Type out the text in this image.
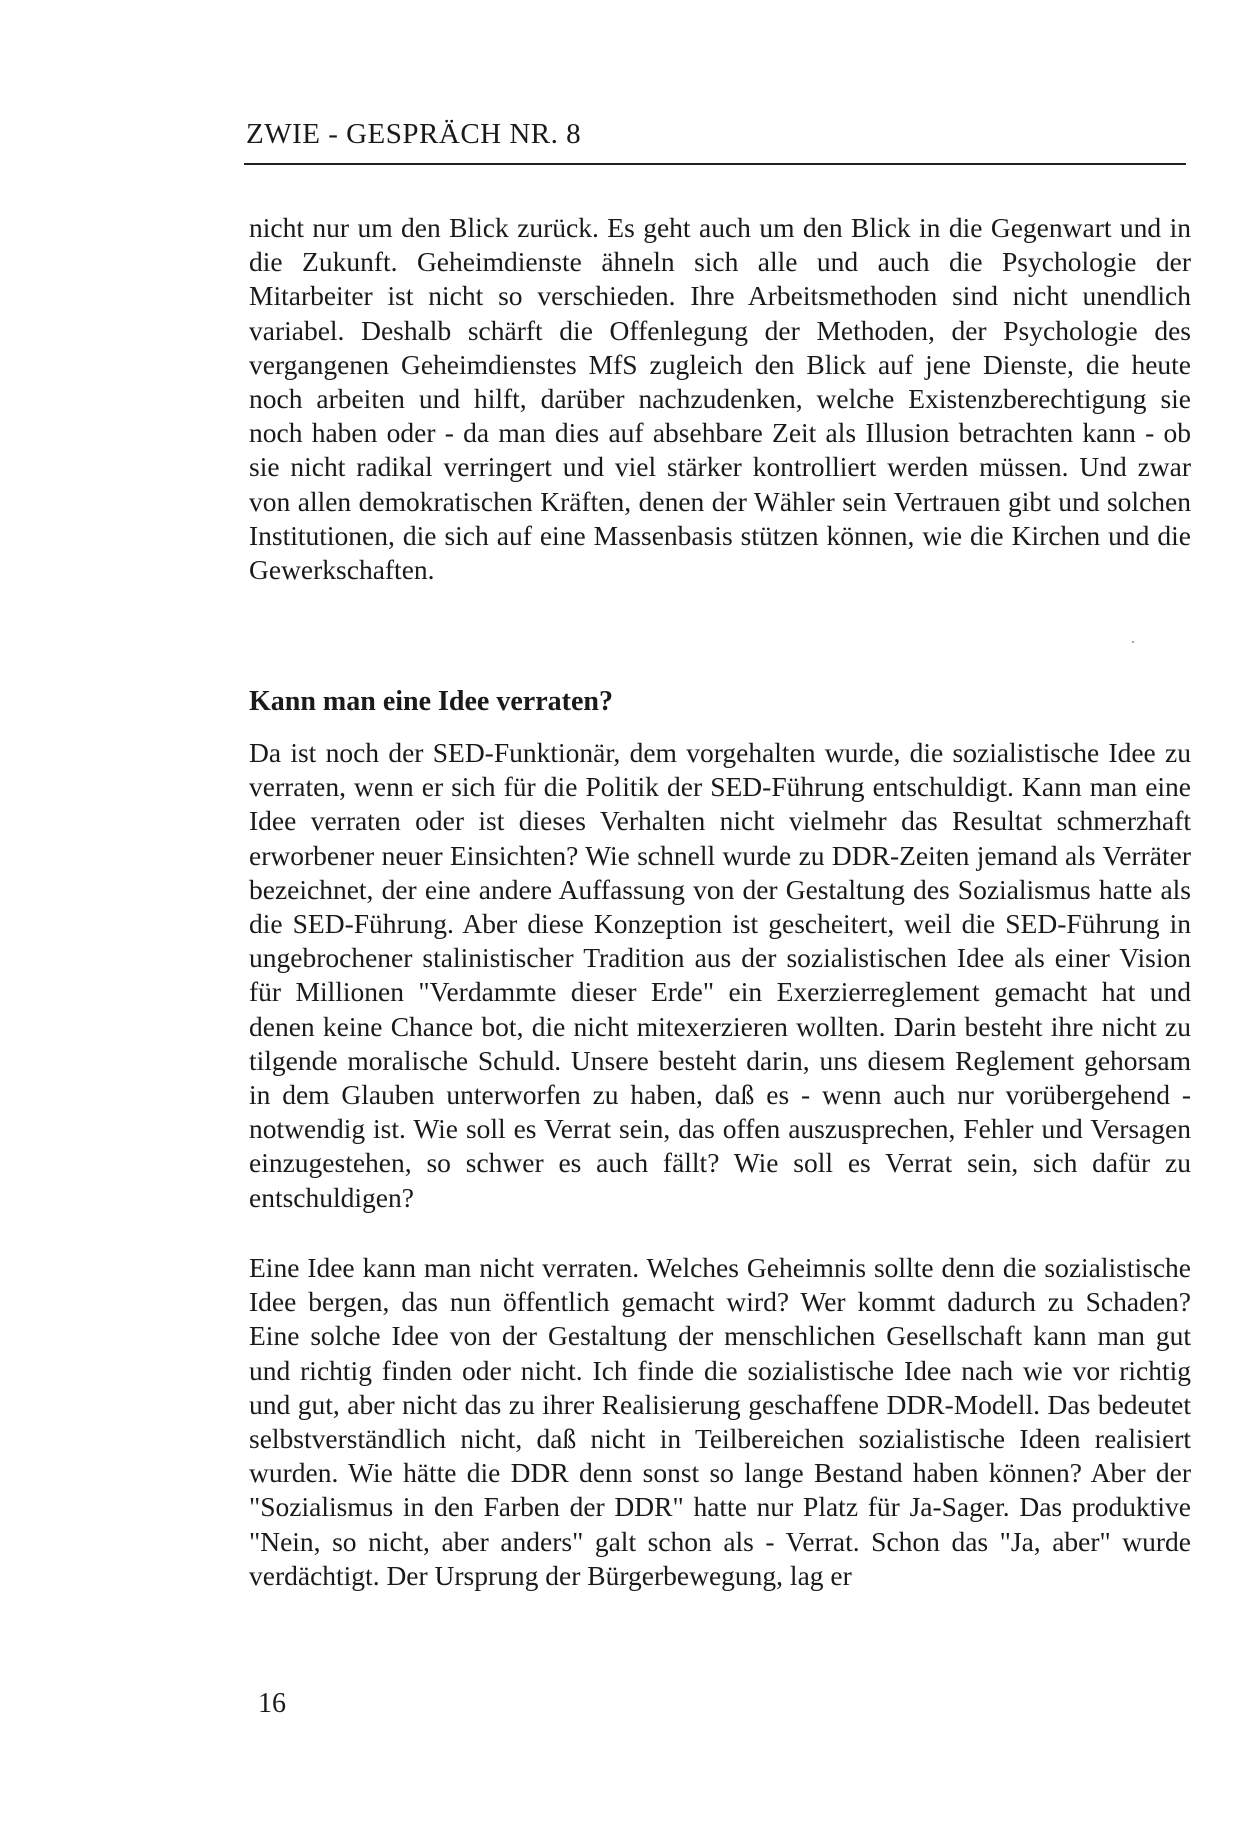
ZWIE - GESPRÄCH NR. 8

nicht nur um den Blick zurück. Es geht auch um den Blick in die Gegenwart und in die Zukunft. Geheimdienste ähneln sich alle und auch die Psychologie der Mitarbeiter ist nicht so verschieden. Ihre Arbeitsmethoden sind nicht unendlich variabel. Deshalb schärft die Offenlegung der Methoden, der Psychologie des vergangenen Geheimdienstes MfS zugleich den Blick auf jene Dienste, die heute noch arbeiten und hilft, darüber nachzudenken, welche Existenzberechtigung sie noch haben oder - da man dies auf absehbare Zeit als Illusion betrachten kann - ob sie nicht radikal verringert und viel stärker kontrolliert werden müssen. Und zwar von allen demokratischen Kräften, denen der Wähler sein Vertrauen gibt und solchen Institutionen, die sich auf eine Massenbasis stützen können, wie die Kirchen und die Gewerkschaften.

Kann man eine Idee verraten?

Da ist noch der SED-Funktionär, dem vorgehalten wurde, die sozialistische Idee zu verraten, wenn er sich für die Politik der SED-Führung entschuldigt. Kann man eine Idee verraten oder ist dieses Verhalten nicht vielmehr das Resultat schmerzhaft erworbener neuer Einsichten? Wie schnell wurde zu DDR-Zeiten jemand als Verräter bezeichnet, der eine andere Auffassung von der Gestaltung des Sozialismus hatte als die SED-Führung. Aber diese Konzeption ist gescheitert, weil die SED-Führung in ungebrochener stalinistischer Tradition aus der sozialistischen Idee als einer Vision für Millionen "Verdammte dieser Erde" ein Exerzierreglement gemacht hat und denen keine Chance bot, die nicht mitexerzieren wollten. Darin besteht ihre nicht zu tilgende moralische Schuld. Unsere besteht darin, uns diesem Reglement gehorsam in dem Glauben unterworfen zu haben, daß es - wenn auch nur vorübergehend - notwendig ist. Wie soll es Verrat sein, das offen auszusprechen, Fehler und Versagen einzugestehen, so schwer es auch fällt? Wie soll es Verrat sein, sich dafür zu entschuldigen?

Eine Idee kann man nicht verraten. Welches Geheimnis sollte denn die sozialistische Idee bergen, das nun öffentlich gemacht wird? Wer kommt dadurch zu Schaden? Eine solche Idee von der Gestaltung der menschlichen Gesellschaft kann man gut und richtig finden oder nicht. Ich finde die sozialistische Idee nach wie vor richtig und gut, aber nicht das zu ihrer Realisierung geschaffene DDR-Modell. Das bedeutet selbstverständlich nicht, daß nicht in Teilbereichen sozialistische Ideen realisiert wurden. Wie hätte die DDR denn sonst so lange Bestand haben können? Aber der "Sozialismus in den Farben der DDR" hatte nur Platz für Ja-Sager. Das produktive "Nein, so nicht, aber anders" galt schon als - Verrat. Schon das "Ja, aber" wurde verdächtigt. Der Ursprung der Bürgerbewegung, lag er

16
